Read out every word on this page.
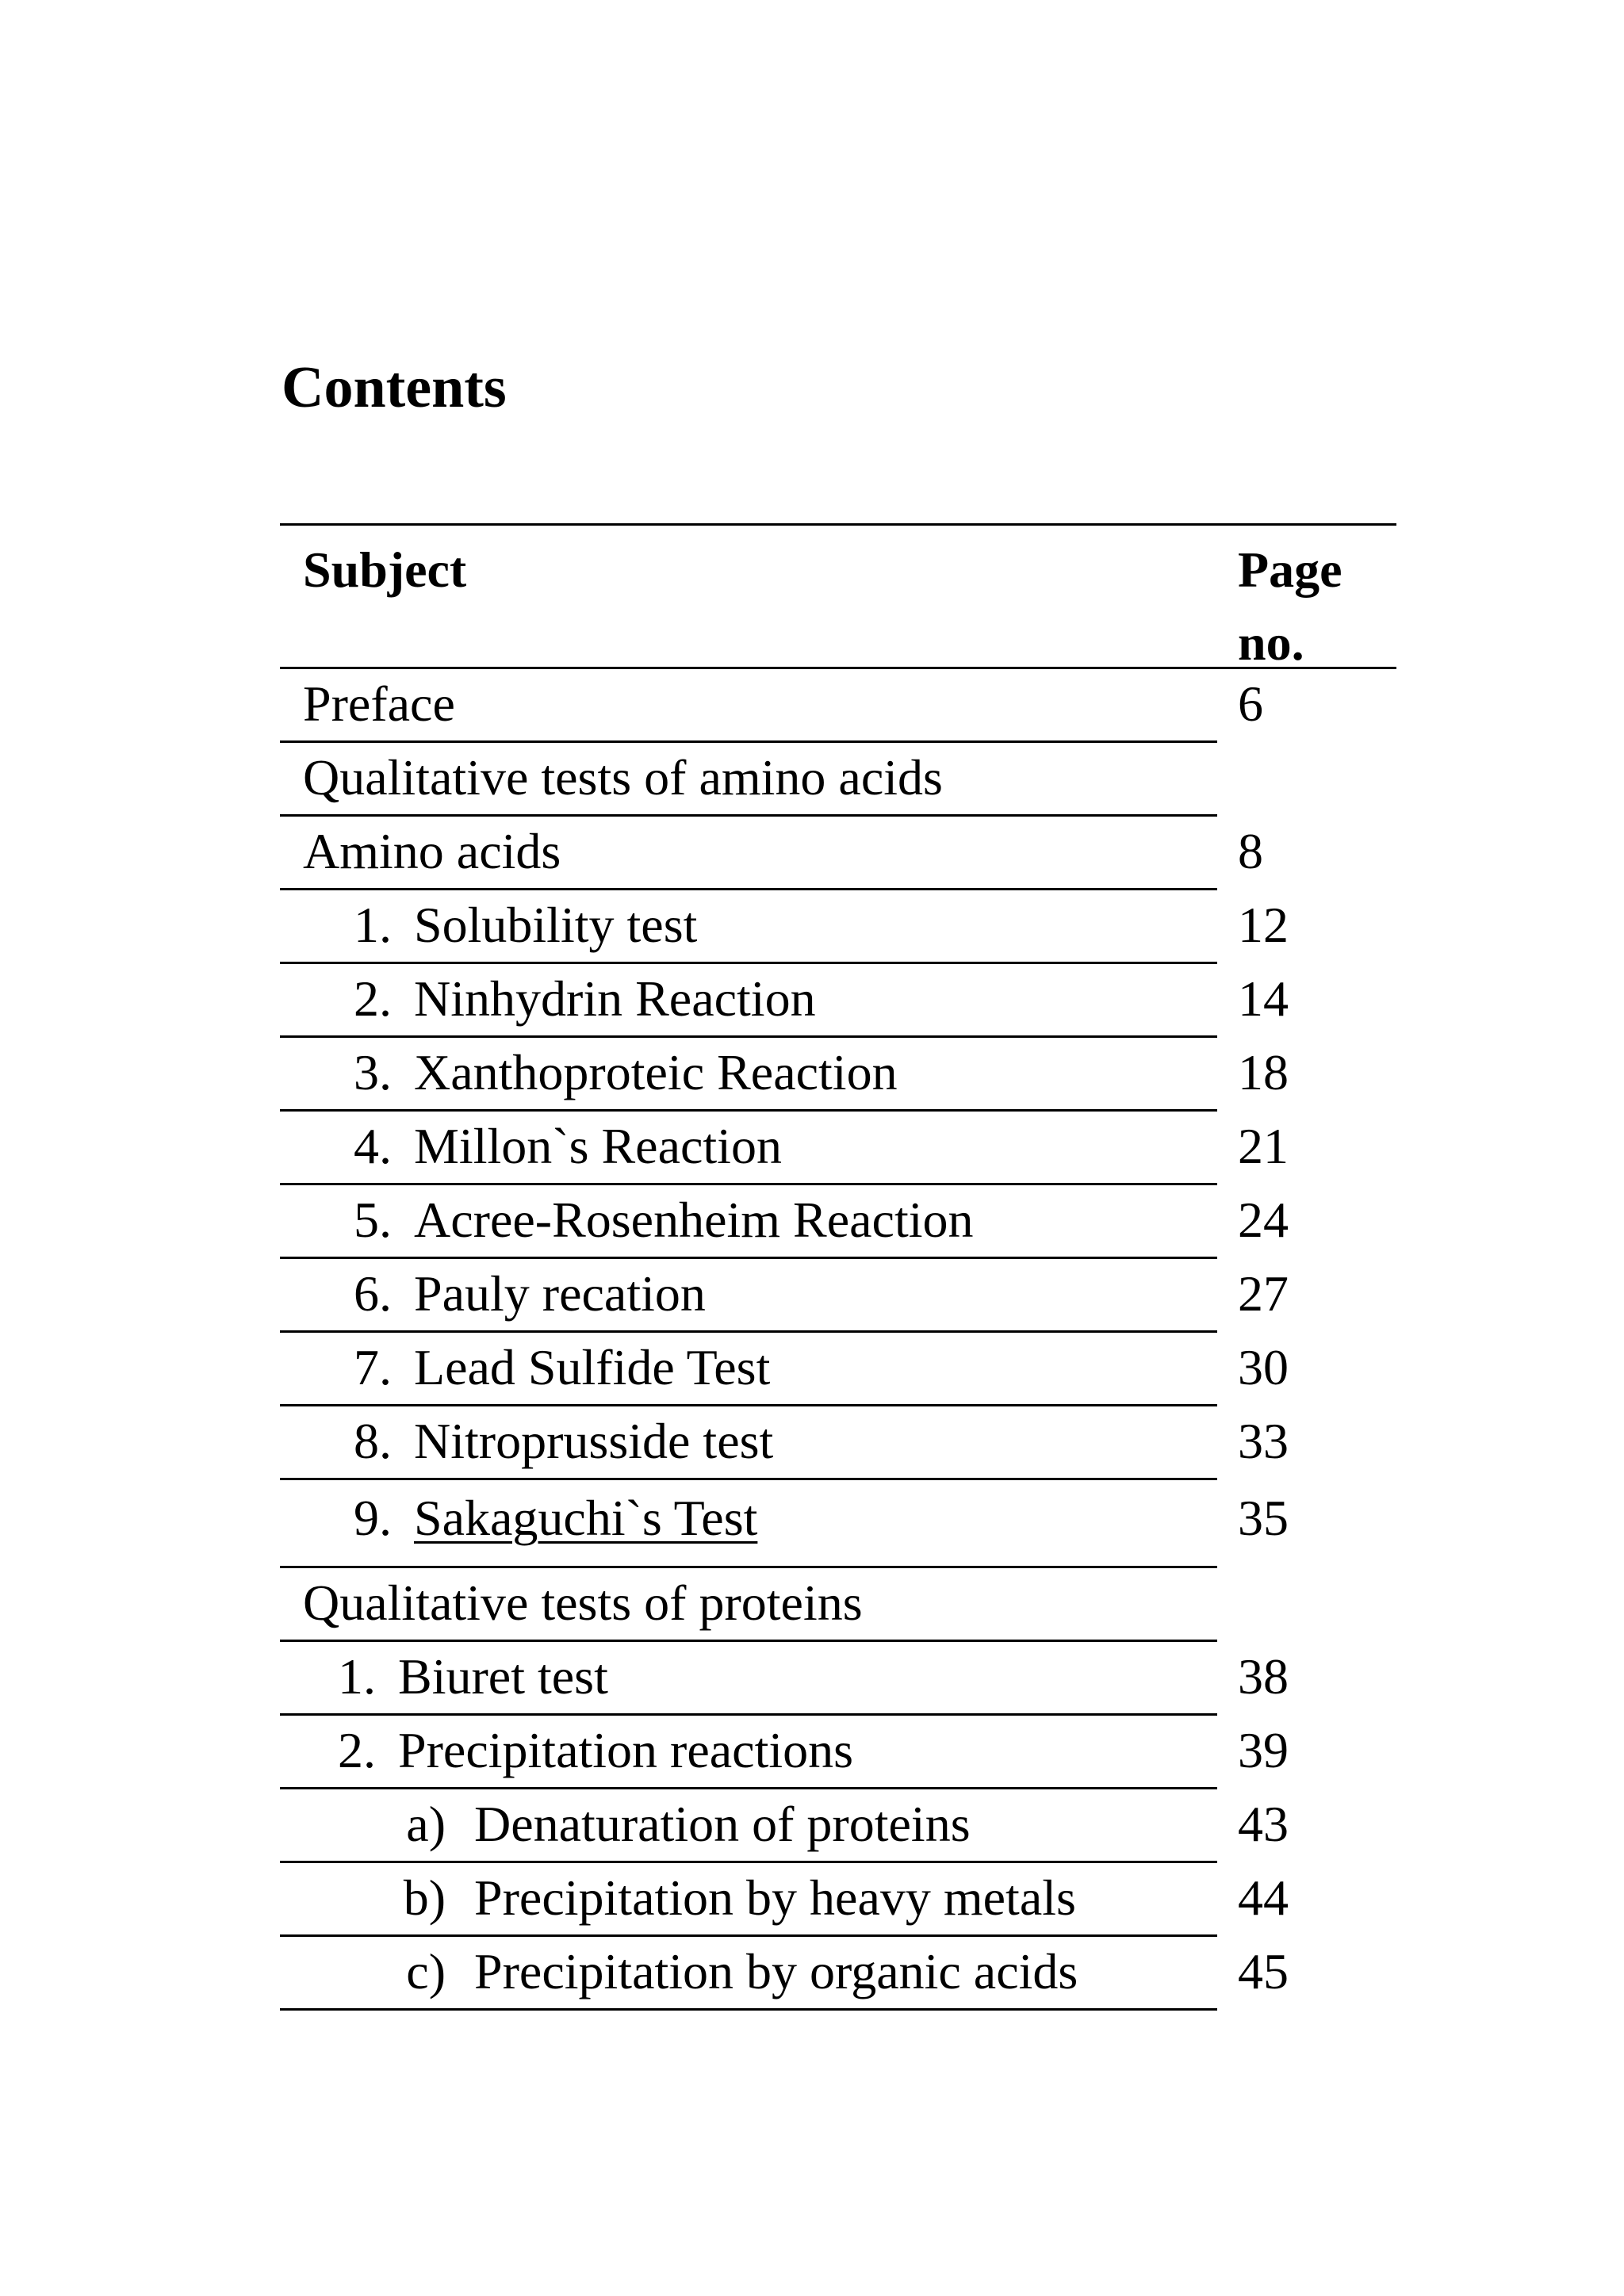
Contents
Subject	Page
no.
Preface	6
Qualitative tests of amino acids
Amino acids	8
1. Solubility test	12
2. Ninhydrin Reaction	14
3. Xanthoproteic Reaction	18
4. Millon`s Reaction	21
5. Acree-Rosenheim Reaction	24
6. Pauly recation	27
7. Lead Sulfide Test	30
8. Nitroprusside test	33
9. Sakaguchi`s Test	35
Qualitative tests of proteins
1. Biuret test	38
2. Precipitation reactions	39
a) Denaturation of proteins	43
b) Precipitation by heavy metals	44
c) Precipitation by organic acids	45
